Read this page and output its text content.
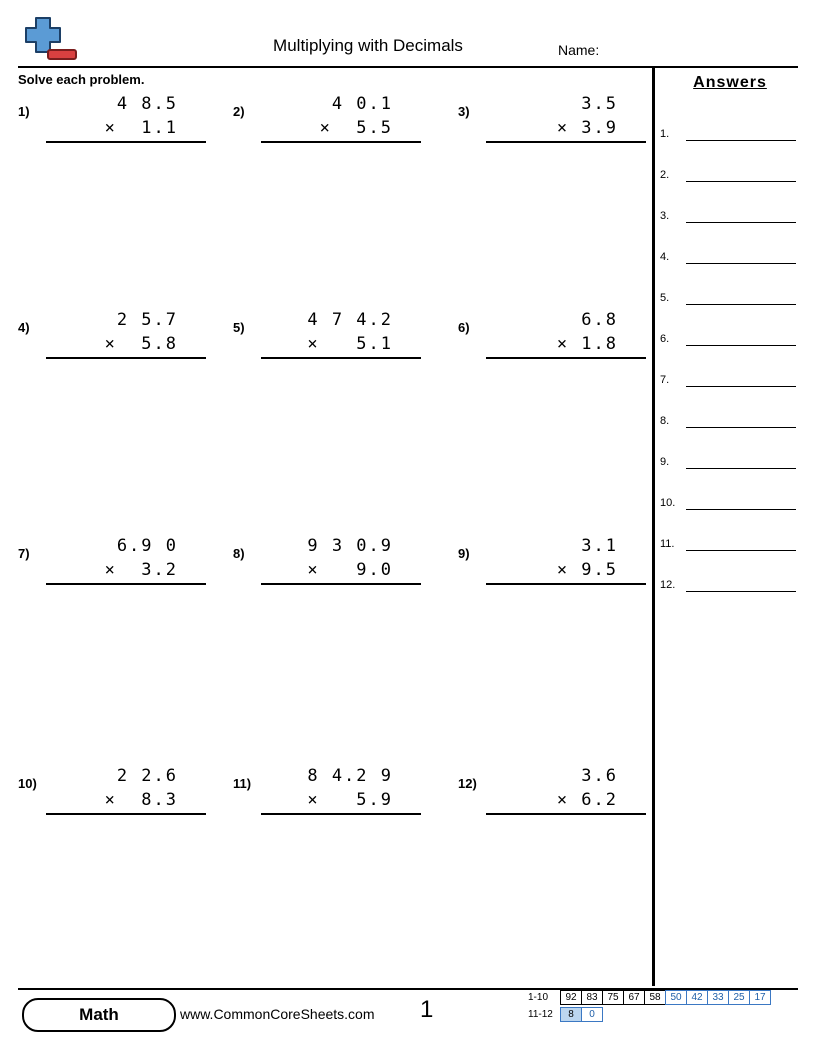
Multiplying with Decimals	Name:
Solve each problem.
1)	4 8.5
×  1.1
2)	4 0.1
×  5.5
3)	3.5
× 3.9
4)	2 5.7
×  5.8
5)	4 7 4.2
×   5.1
6)	6.8
× 1.8
7)	6.9 0
×  3.2
8)	9 3 0.9
×   9.0
9)	3.1
× 9.5
10)	2 2.6
×  8.3
11)	8 4.2 9
×   5.9
12)	3.6
× 6.2
Answers
1.
2.
3.
4.
5.
6.
7.
8.
9.
10.
11.
12.
Math	www.CommonCoreSheets.com 1	1-10	92 83 75 67 58 50 42 33 25 17
11-12	8	0
